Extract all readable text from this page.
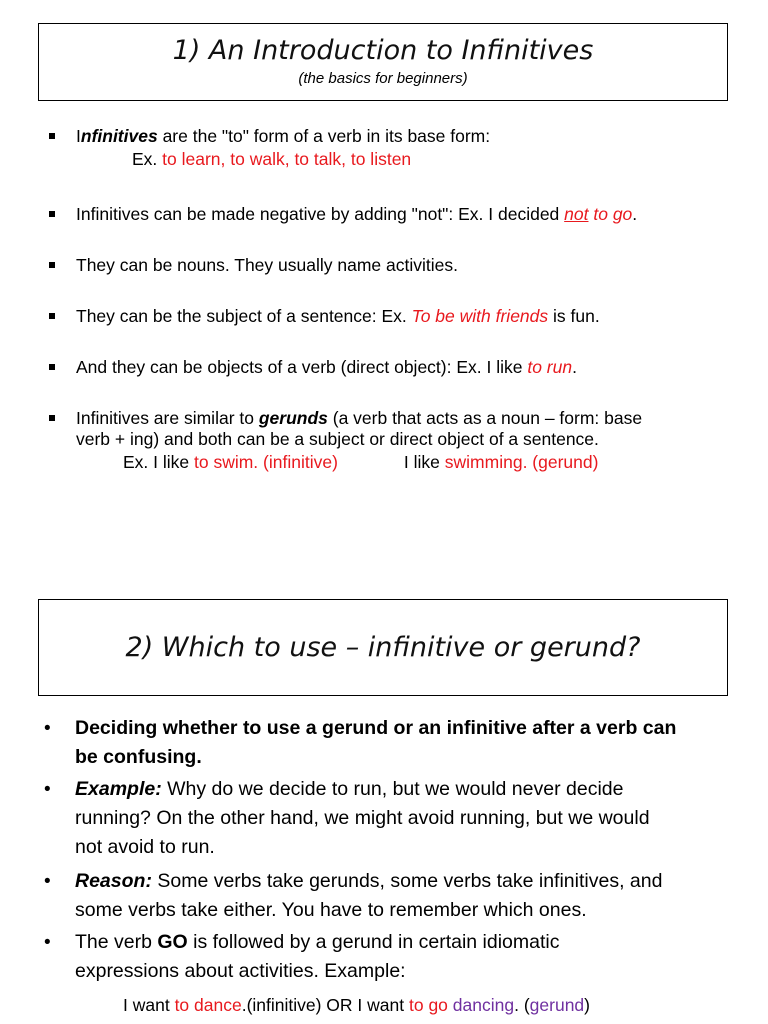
1) An Introduction to Infinitives
(the basics for beginners)
Infinitives are the "to" form of a verb in its base form:
Ex. to learn, to walk, to talk, to listen
Infinitives can be made negative by adding "not": Ex. I decided not to go.
They can be nouns. They usually name activities.
They can be the subject of a sentence: Ex. To be with friends is fun.
And they can be objects of a verb (direct object): Ex. I like to run.
Infinitives are similar to gerunds (a verb that acts as a noun – form: base
verb + ing) and both can be a subject or direct object of a sentence.
Ex. I like to swim. (infinitive)	I like swimming. (gerund)
2) Which to use – infinitive or gerund?
• Deciding whether to use a gerund or an infinitive after a verb can
be confusing.
• Example: Why do we decide to run, but we would never decide
running? On the other hand, we might avoid running, but we would
not avoid to run.
• Reason: Some verbs take gerunds, some verbs take infinitives, and
some verbs take either. You have to remember which ones.
• The verb GO is followed by a gerund in certain idiomatic
expressions about activities. Example:
I want to dance.(infinitive) OR I want to go dancing. (gerund)
